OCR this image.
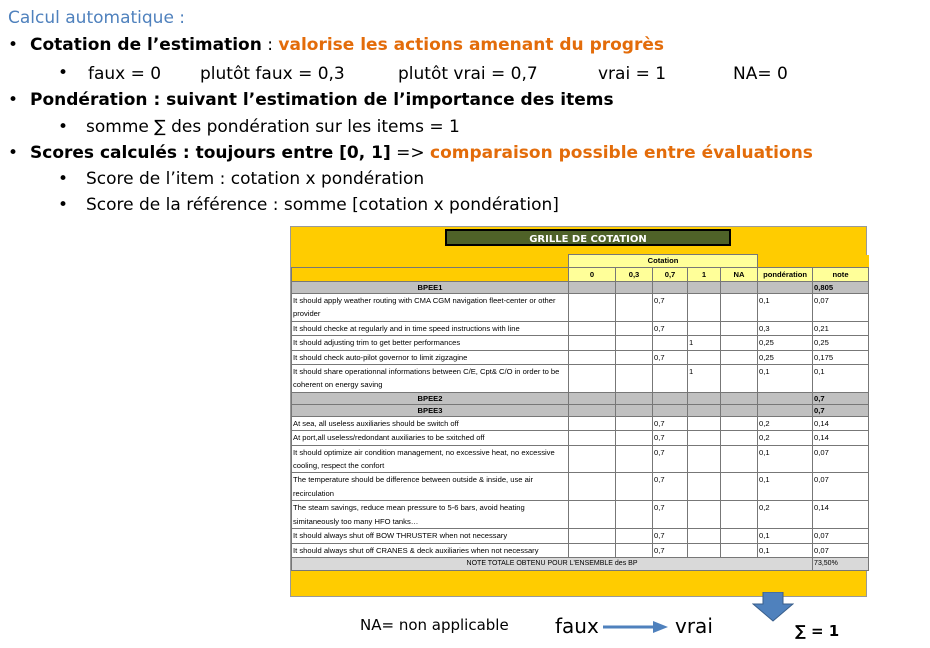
Calcul automatique :
• Cotation de l’estimation : valorise les actions amenant du progrès
•	faux = 0 plutôt faux = 0,3	plutôt vrai = 0,7	vrai = 1	NA= 0
• Pondération : suivant l’estimation de l’importance des items
• somme ∑ des pondération sur les items = 1
• Scores calculés : toujours entre [0, 1] => comparaison possible entre évaluations
• Score de l’item : cotation x pondération
• Score de la référence : somme [cotation x pondération]
GRILLE DE COTATION
	Cotation						
	0	0,3	0,7	1	NA	pondération	note
BPEE1							0,805
It should apply weather routing with CMA CGM navigation fleet-center or other provider			0,7			0,1	0,07
It should checke at regularly and in time speed instructions with line			0,7			0,3	0,21
It should adjusting trim to get better performances				1		0,25	0,25
It should check auto-pilot governor to limit zigzagine			0,7			0,25	0,175
It should share operationnal informations between C/E, Cpt& C/O in order to be coherent on energy saving				1		0,1	0,1
BPEE2							0,7
BPEE3							0,7
At sea, all useless auxiliaries should be switch off			0,7			0,2	0,14
At port,all useless/redondant auxiliaries to be sxitched off			0,7			0,2	0,14
It should optimize air condition management, no excessive heat, no excessive cooling, respect the confort			0,7			0,1	0,07
The temperature should be difference between outside & inside, use air recirculation			0,7			0,1	0,07
The steam savings, reduce mean pressure to 5-6 bars, avoid heating simitaneously too many HFO tanks…			0,7			0,2	0,14
It should always shut off BOW THRUSTER when not necessary			0,7			0,1	0,07
It should always shut off CRANES & deck auxiliaries when not necessary			0,7			0,1	0,07
NOTE TOTALE OBTENU POUR L'ENSEMBLE des BP							73,50%
NA= non applicable faux	vrai	∑ = 1
